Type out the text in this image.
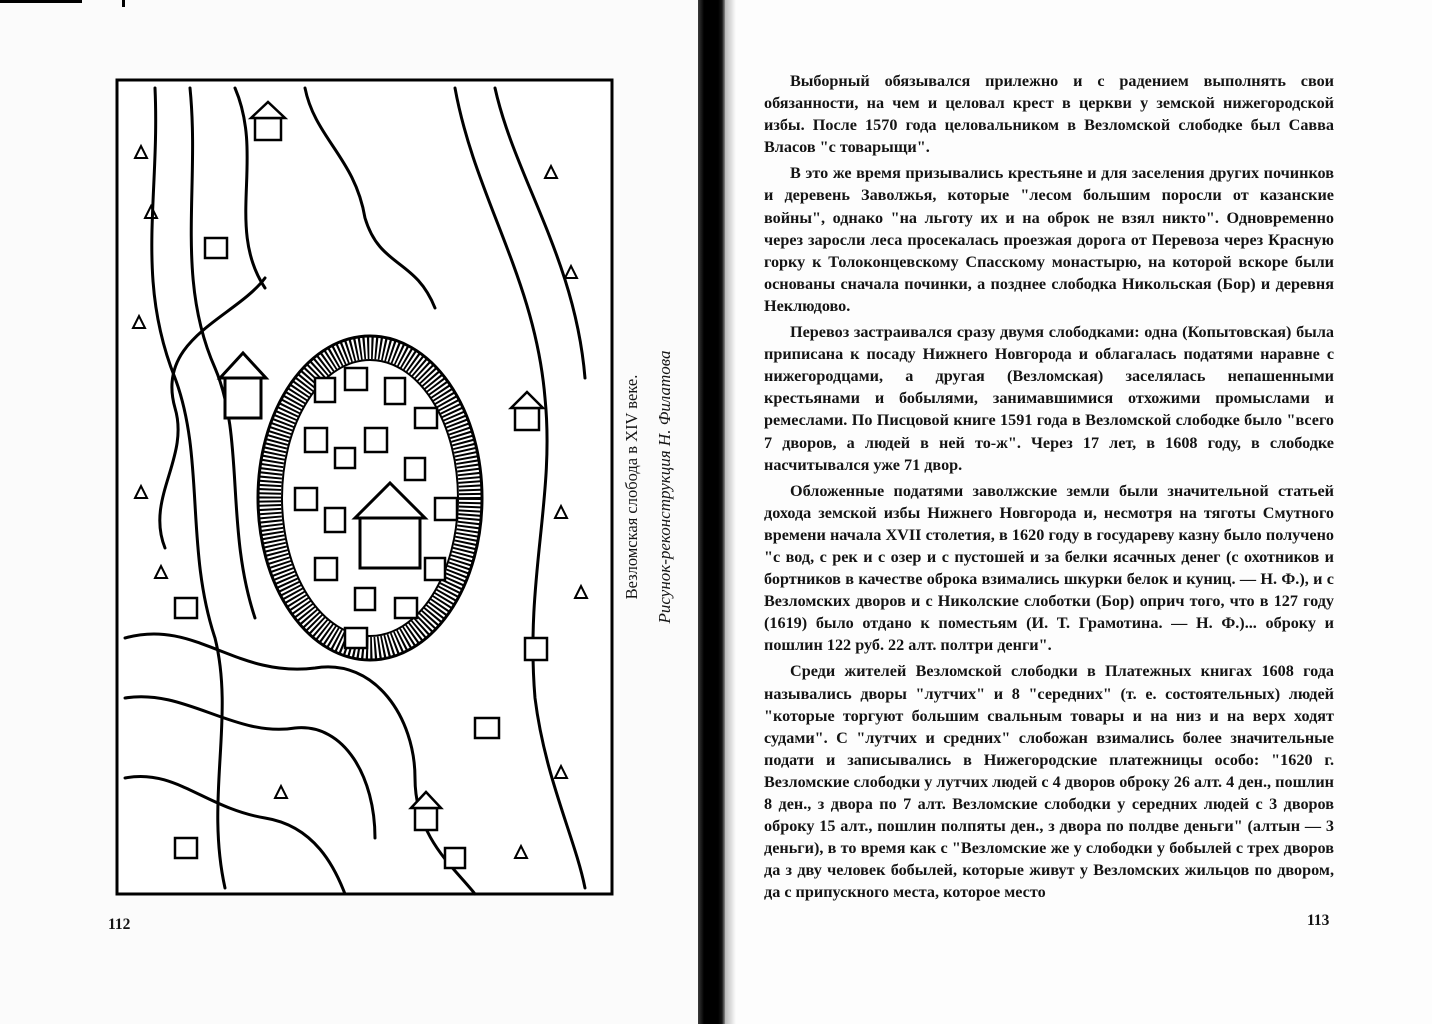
Везломская слобода в XIV веке. Рисунок-реконструкция Н. Филатова
112

Выборный обязывался прилежно и с радением выполнять свои обязанности, на чем и целовал крест в церкви у земской нижегородской избы. После 1570 года целовальником в Везломской слободке был Савва Власов "с товарыщи".

В это же время призывались крестьяне и для заселения других починков и деревень Заволжья, которые "лесом большим поросли от казанские войны", однако "на льготу их и на оброк не взял никто". Одновременно через заросли леса просекалась проезжая дорога от Перевоза через Красную горку к Толоконцевскому Спасскому монастырю, на которой вскоре были основаны сначала починки, а позднее слободка Никольская (Бор) и деревня Неклюдово.

Перевоз застраивался сразу двумя слободками: одна (Копытовская) была приписана к посаду Нижнего Новгорода и облагалась податями наравне с нижегородцами, а другая (Везломская) заселялась непашенными крестьянами и бобылями, занимавшимися отхожими промыслами и ремеслами. По Писцовой книге 1591 года в Везломской слободке было "всего 7 дворов, а людей в ней то-ж". Через 17 лет, в 1608 году, в слободке насчитывался уже 71 двор.

Обложенные податями заволжские земли были значительной статьей дохода земской избы Нижнего Новгорода и, несмотря на тяготы Смутного времени начала XVII столетия, в 1620 году в государеву казну было получено "с вод, с рек и с озер и с пустошей и за белки ясачных денег (с охотников и бортников в качестве оброка взимались шкурки белок и куниц. — Н. Ф.), и с Везломских дворов и с Николские слоботки (Бор) оприч того, что в 127 году (1619) было отдано к поместьям (И. Т. Грамотина. — Н. Ф.)... оброку и пошлин 122 руб. 22 алт. полтри денги".

Среди жителей Везломской слободки в Платежных книгах 1608 года назывались дворы "лутчих" и 8 "середних" (т. е. состоятельных) людей "которые торгуют большим свальным товары и на низ и на верх ходят судами". С "лутчих и средних" слобожан взимались более значительные подати и записывались в Нижегородские платежницы особо: "1620 г. Везломские слободки у лутчих людей с 4 дворов оброку 26 алт. 4 ден., пошлин 8 ден., з двора по 7 алт. Везломские слободки у середних людей с 3 дворов оброку 15 алт., пошлин полпяты ден., з двора по полдве деньги" (алтын — 3 деньги), в то время как с "Везломские же у слободки у бобылей с трех дворов да з дву человек бобылей, которые живут у Везломских жильцов по двором, да с припускного места, которое место

113
